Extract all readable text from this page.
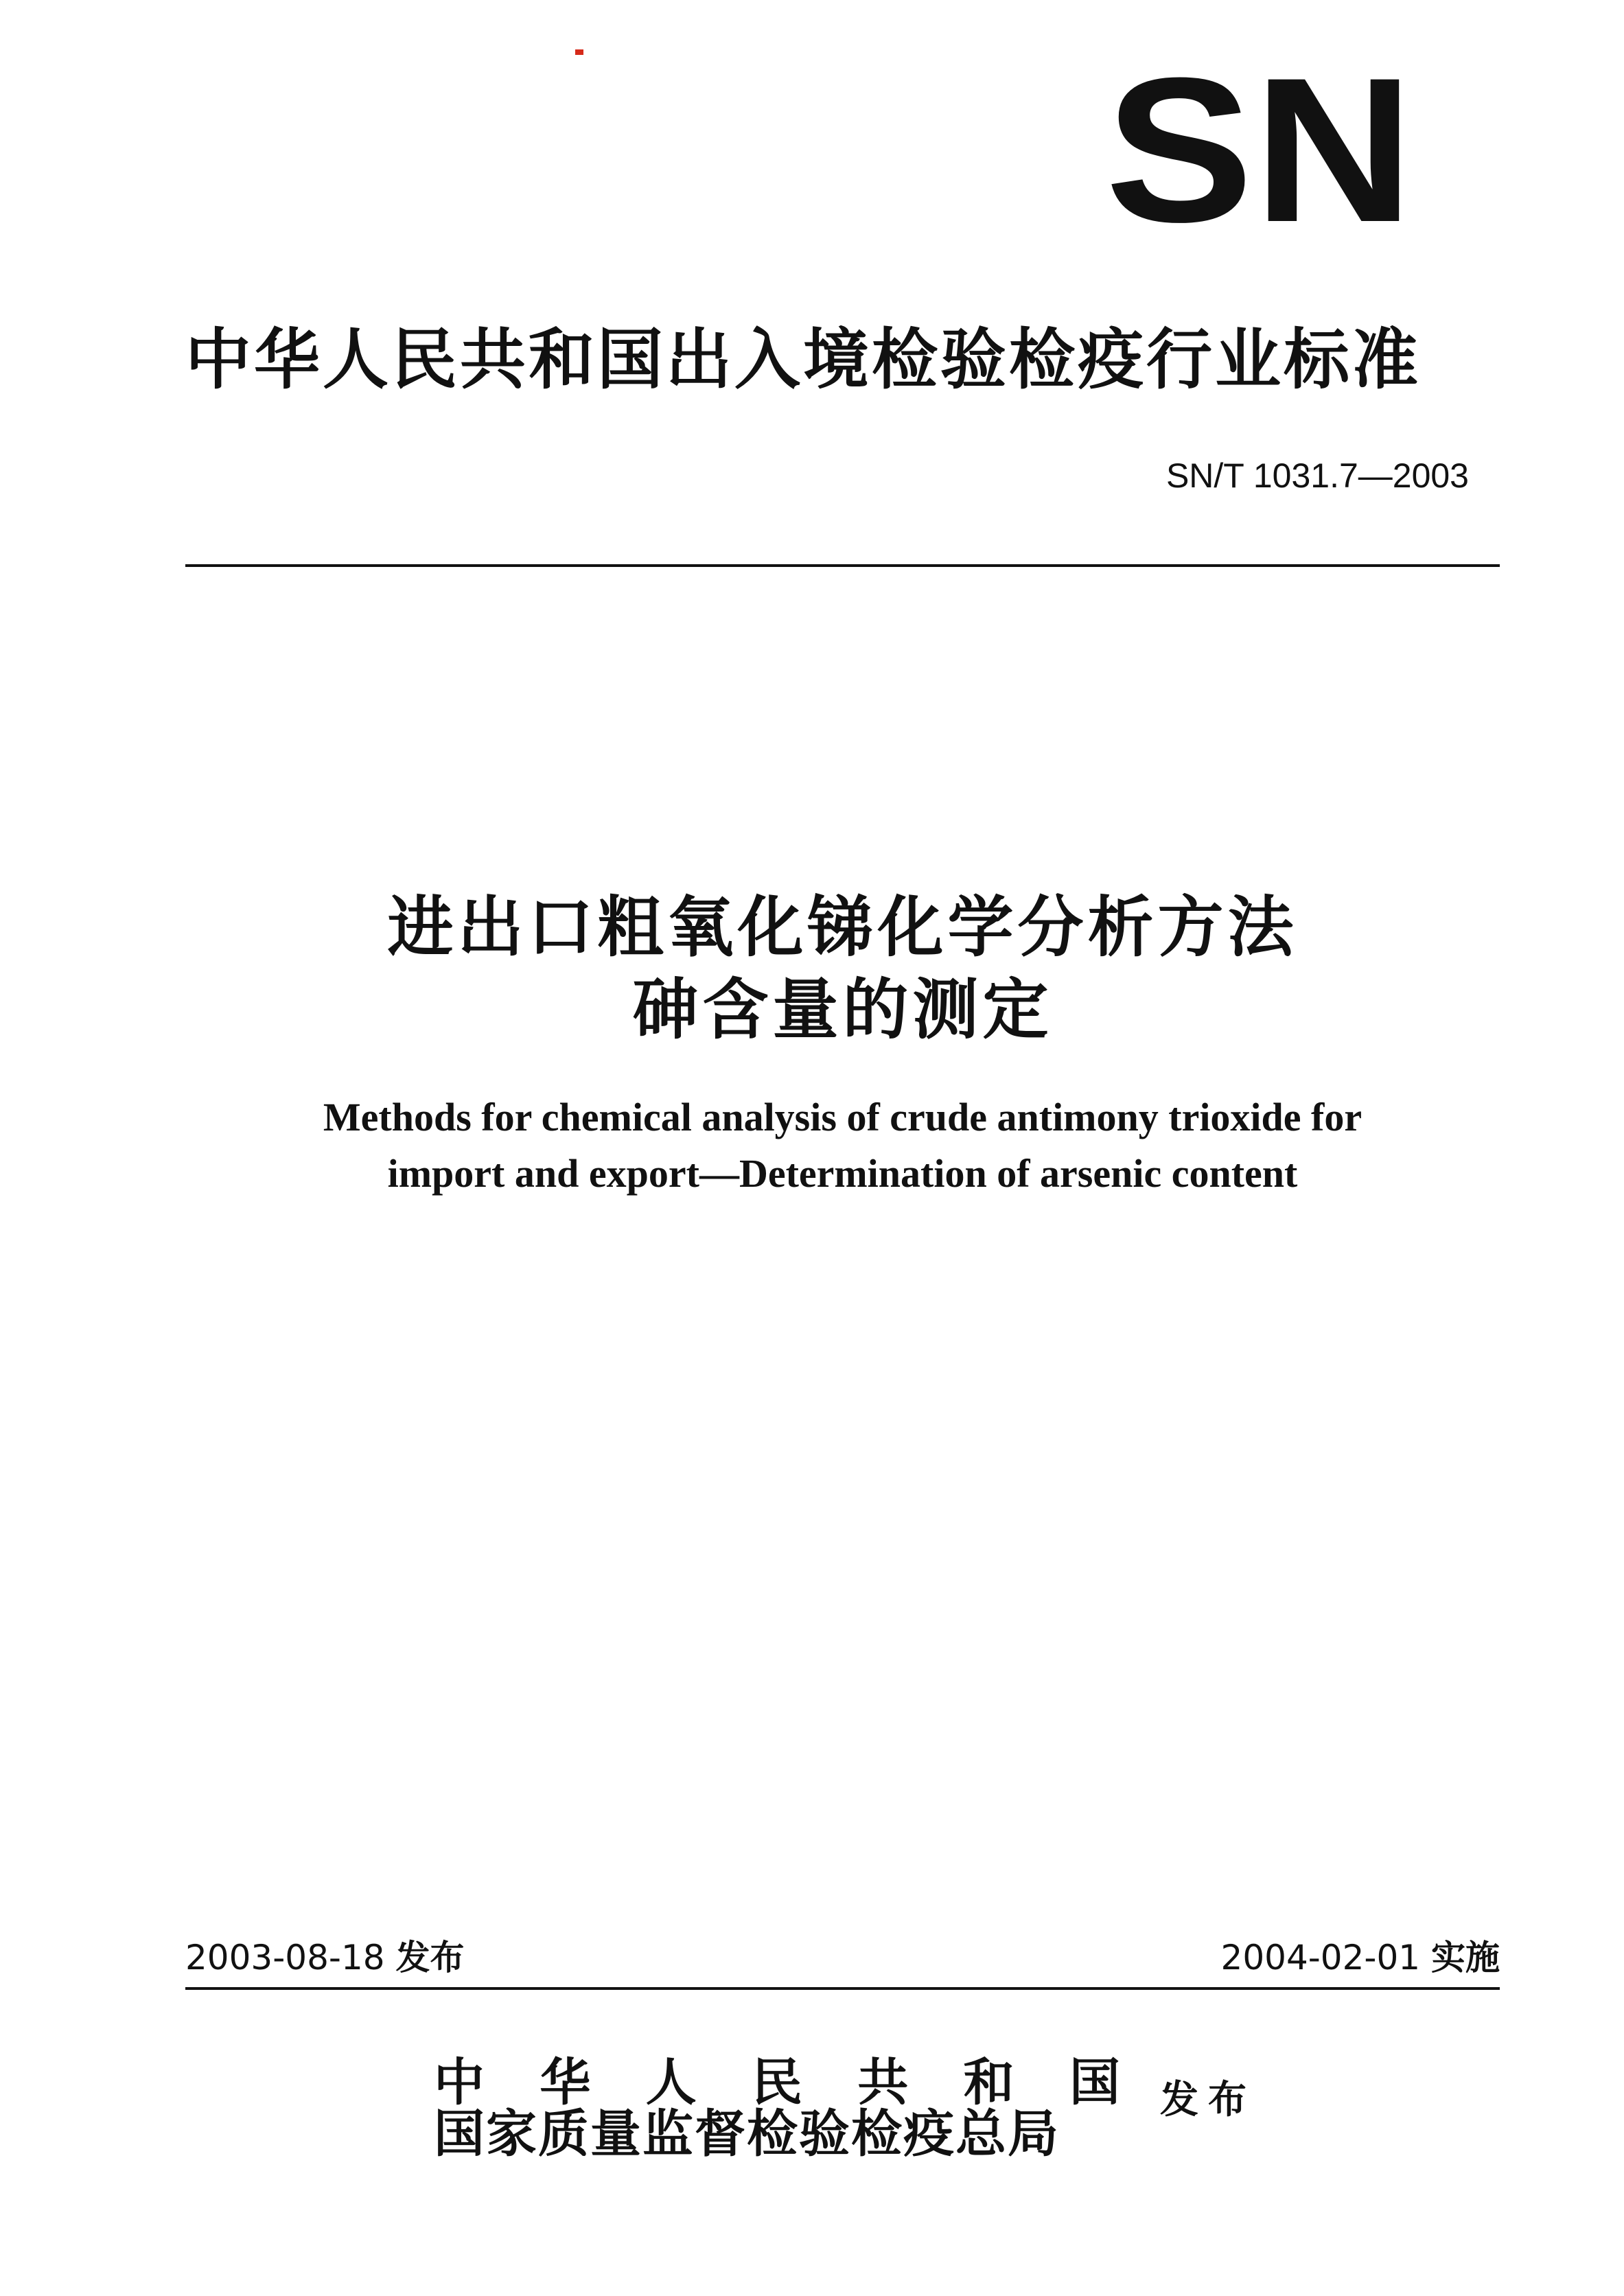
SN
中华人民共和国出入境检验检疫行业标准
SN/T 1031.7—2003
进出口粗氧化锑化学分析方法
砷含量的测定
Methods for chemical analysis of crude antimony trioxide for
import and export—Determination of arsenic content
2003-08-18 发布	2004-02-01 实施
中 华 人 民 共 和 国
国家质量监督检验检疫总局
发布
